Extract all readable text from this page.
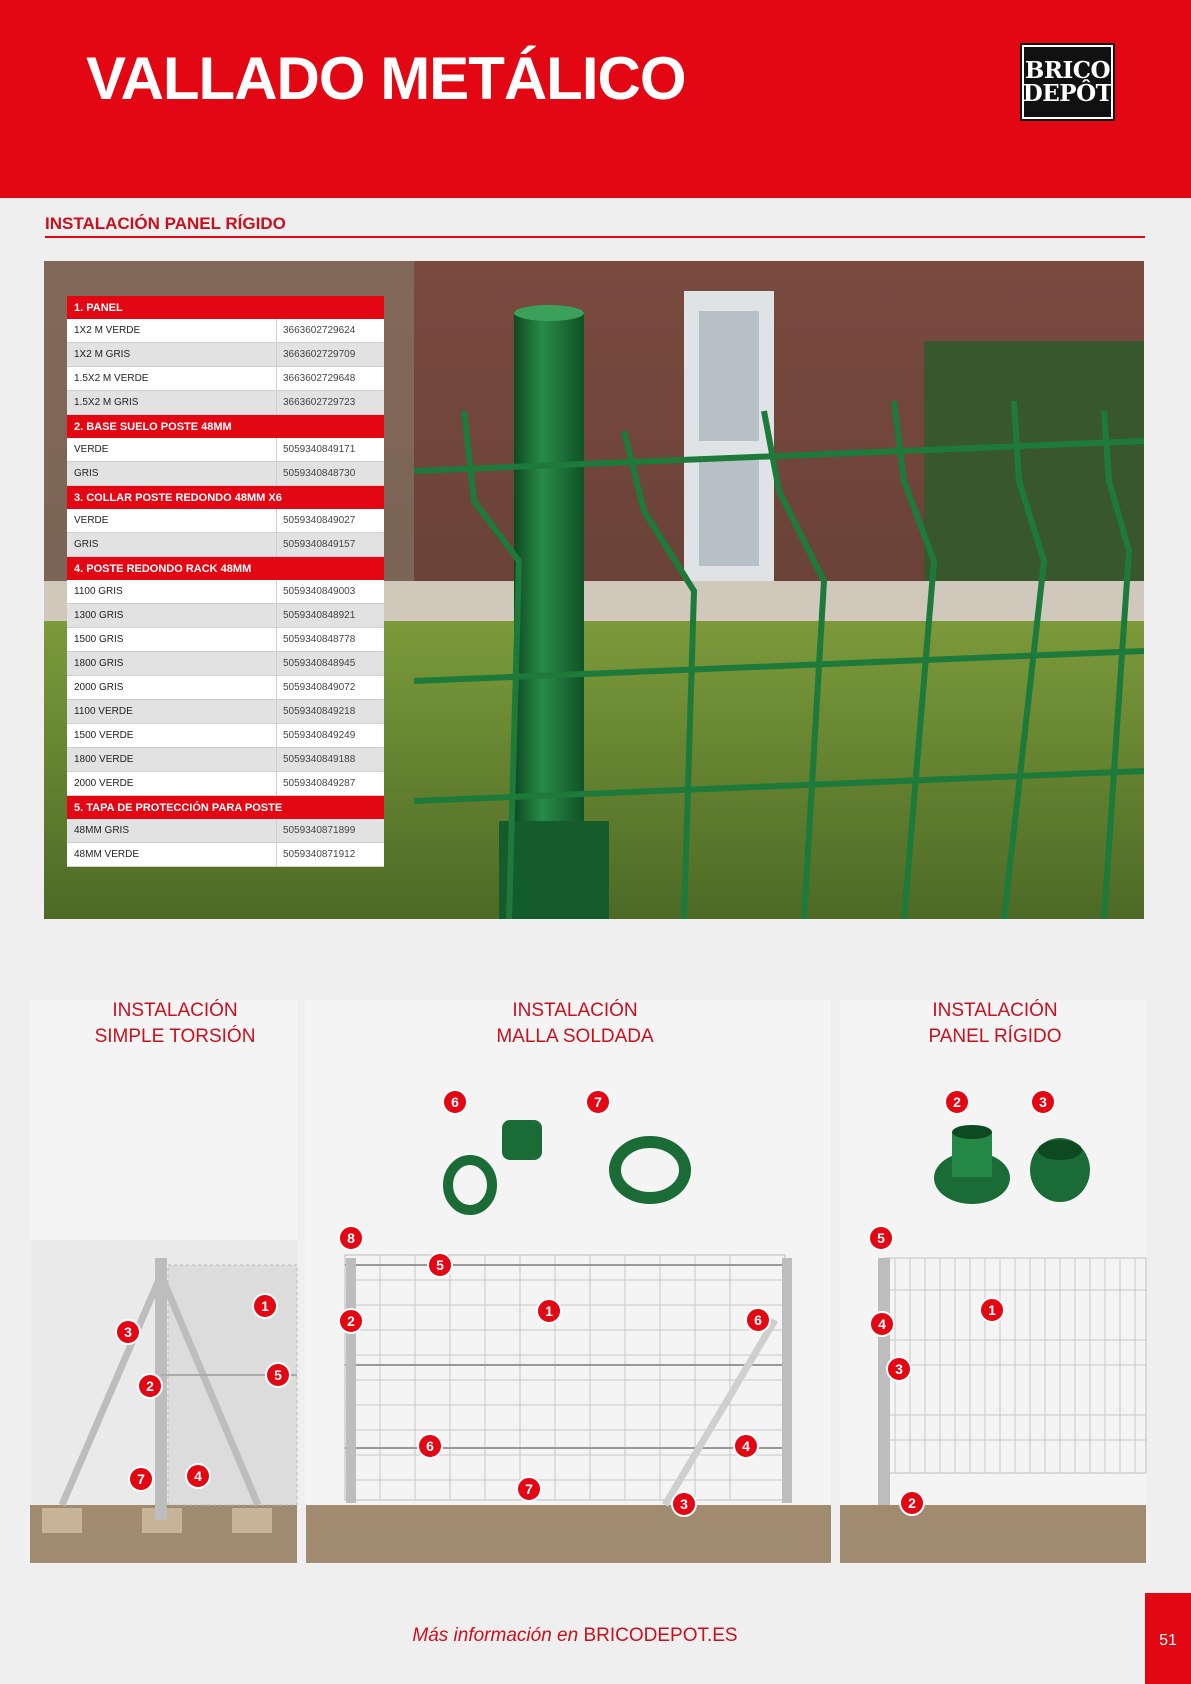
VALLADO METÁLICO	BRICO
DEPÔT
INSTALACIÓN PANEL RÍGIDO
1. PANEL
1X2 M VERDE	3663602729624
1X2 M GRIS	3663602729709
1.5X2 M VERDE	3663602729648
1.5X2 M GRIS	3663602729723
2. BASE SUELO POSTE 48MM
VERDE	5059340849171
GRIS	5059340848730
3. COLLAR POSTE REDONDO 48MM X6
VERDE	5059340849027
GRIS	5059340849157
4. POSTE REDONDO RACK 48MM
1100 GRIS	5059340849003
1300 GRIS	5059340848921
1500 GRIS	5059340848778
1800 GRIS	5059340848945
2000 GRIS	5059340849072
1100 VERDE	5059340849218
1500 VERDE	5059340849249
1800 VERDE	5059340849188
2000 VERDE	5059340849287
5. TAPA DE PROTECCIÓN PARA POSTE
48MM GRIS	5059340871899
48MM VERDE	5059340871912
INSTALACIÓN
SIMPLE TORSIÓN
INSTALACIÓN
MALLA SOLDADA
INSTALACIÓN
PANEL RÍGIDO
1
3
2
5
7	4
6	7
8
5
2
1
6
6	4
7
3
2	3
5
4
1
3
2
Más información en BRICODEPOT.ES	51
